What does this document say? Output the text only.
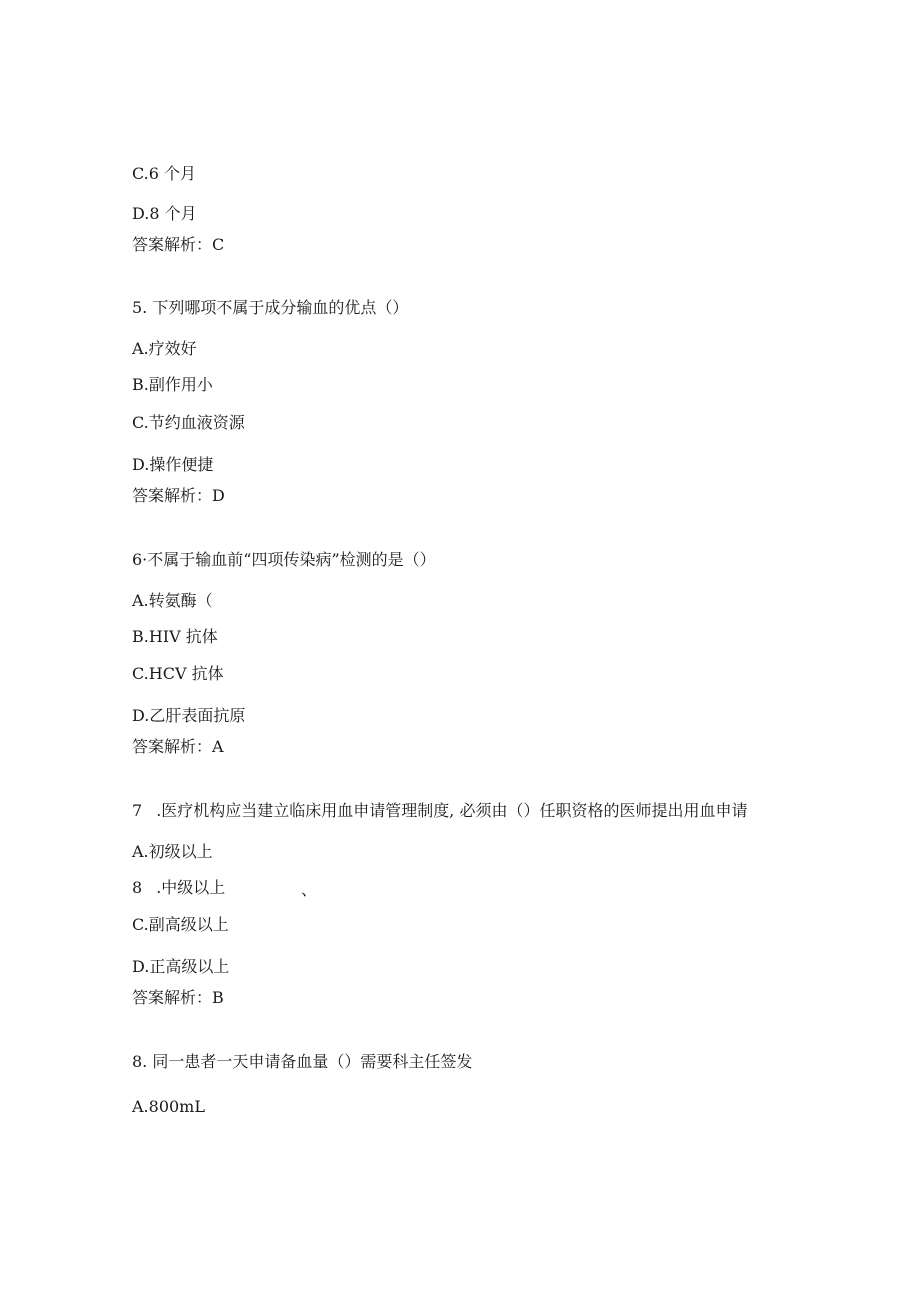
C.6 个月
D.8 个月
答案解析：C
5. 下列哪项不属于成分输血的优点（）
A.疗效好
B.副作用小
C.节约血液资源
D.操作便捷
答案解析：D
6·不属于输血前“四项传染病”检测的是（）
A.转氨酶（
B.HIV 抗体
C.HCV 抗体
D.乙肝表面抗原
答案解析：A
7 .医疗机构应当建立临床用血申请管理制度, 必须由（）任职资格的医师提出用血申请
A.初级以上
8 .中级以上	、
C.副高级以上
D.正高级以上
答案解析：B
8. 同一患者一天申请备血量（）需要科主任签发
A.800mL
